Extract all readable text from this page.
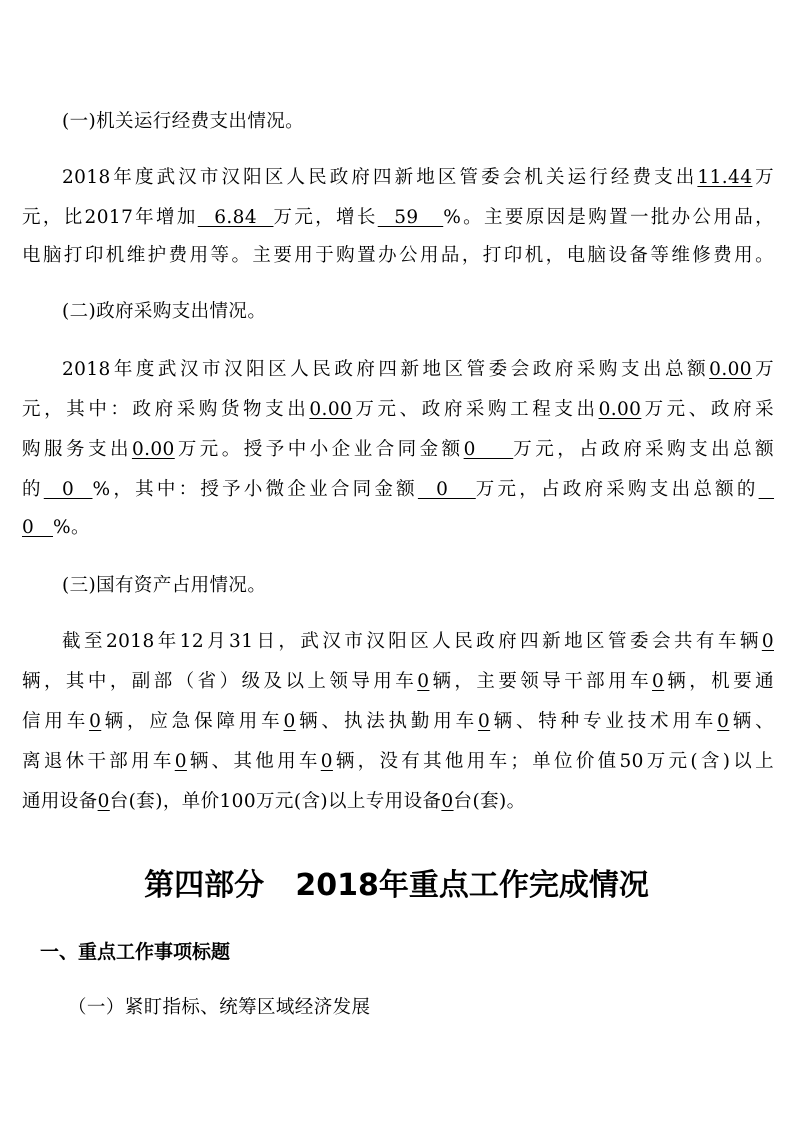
(一)机关运行经费支出情况。
2018年度武汉市汉阳区人民政府四新地区管委会机关运行经费支出11.44万
元，比2017年增加  6.84  万元，增长  59   %。主要原因是购置一批办公用品，
电脑打印机维护费用等。主要用于购置办公用品，打印机，电脑设备等维修费用。
(二)政府采购支出情况。
2018年度武汉市汉阳区人民政府四新地区管委会政府采购支出总额0.00万
元，其中：政府采购货物支出0.00万元、政府采购工程支出0.00万元、政府采
购服务支出0.00万元。授予中小企业合同金额0    万元，占政府采购支出总额
的  0  %，其中：授予小微企业合同金额  0   万元，占政府采购支出总额的
0   %。
(三)国有资产占用情况。
截至2018年12月31日，武汉市汉阳区人民政府四新地区管委会共有车辆0
辆，其中，副部（省）级及以上领导用车0辆，主要领导干部用车0辆，机要通
信用车0辆，应急保障用车0辆、执法执勤用车0辆、特种专业技术用车0辆、
离退休干部用车0辆、其他用车0辆，没有其他用车；单位价值50万元(含)以上
通用设备0台(套)，单价100万元(含)以上专用设备0台(套)。
第四部分   2018年重点工作完成情况
一、重点工作事项标题
（一）紧盯指标、统筹区域经济发展
